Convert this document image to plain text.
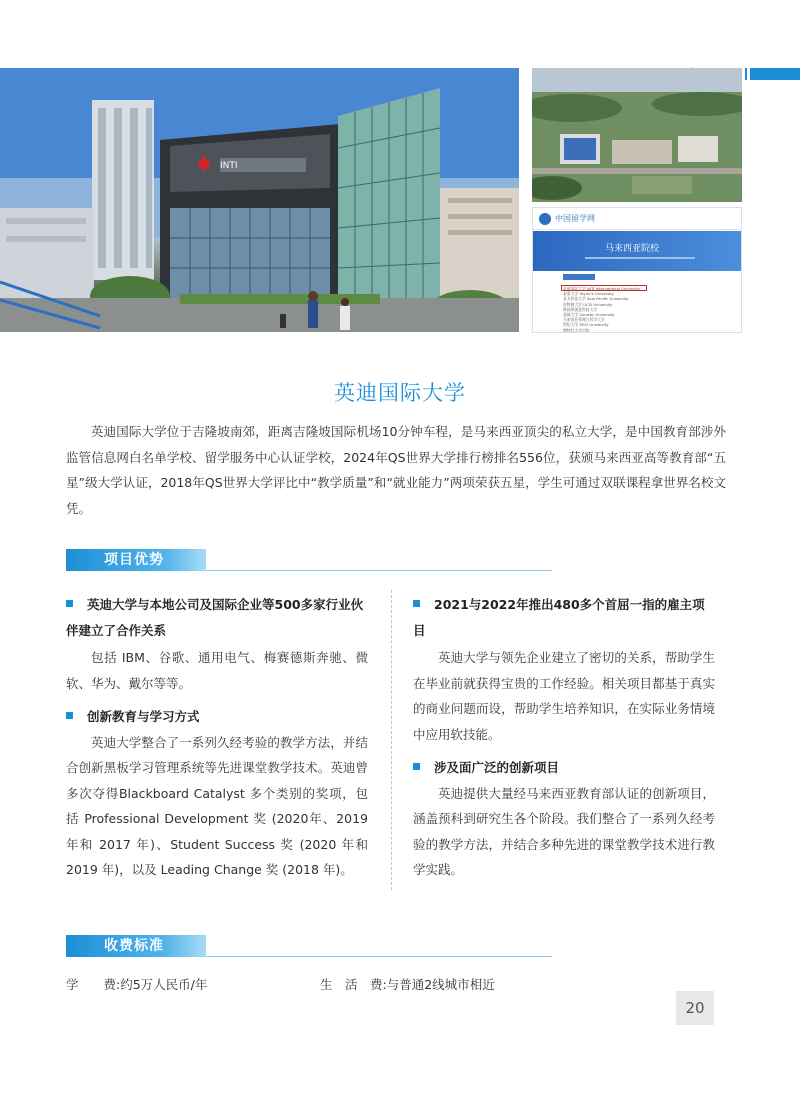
INTI
中国留学网
马来西亚院校
英迪国际大学 INTI International University
泰莱大学 Taylor's University
亚太科技大学 Asia Pacific University
思特雅大学 UCSI University
林国荣创意科技大学
双威大学 Sunway University
马来西亚管理与科学大学
世纪大学 SEGi University
博特拉大学学院
英迪国际大学

英迪国际大学位于吉隆坡南郊，距离吉隆坡国际机场10分钟车程，是马来西亚顶尖的私立大学，是中国教育部涉外监管信息网白名单学校、留学服务中心认证学校，2024年QS世界大学排行榜排名556位，获颁马来西亚高等教育部“五星”级大学认证，2018年QS世界大学评比中“教学质量”和“就业能力”两项荣获五星，学生可通过双联课程拿世界名校文凭。

项目优势
英迪大学与本地公司及国际企业等500多家行业伙伴建立了合作关系

包括 IBM、谷歌、通用电气、梅赛德斯奔驰、微软、华为、戴尔等等。

创新教育与学习方式

英迪大学整合了一系列久经考验的教学方法，并结合创新黑板学习管理系统等先进课堂教学技术。英迪曾多次夺得Blackboard Catalyst 多个类别的奖项，包括 Professional Development 奖 (2020年、2019 年和 2017 年)、Student Success 奖 (2020 年和 2019 年)，以及 Leading Change 奖 (2018 年)。

2021与2022年推出480多个首屈一指的雇主项目

英迪大学与领先企业建立了密切的关系，帮助学生在毕业前就获得宝贵的工作经验。相关项目都基于真实的商业问题而设，帮助学生培养知识，在实际业务情境中应用软技能。

涉及面广泛的创新项目

英迪提供大量经马来西亚教育部认证的创新项目，涵盖预科到研究生各个阶段。我们整合了一系列久经考验的教学方法，并结合多种先进的课堂教学技术进行教学实践。

收费标准
学　　费:约5万人民币/年	生　活　费:与普通2线城市相近
20
